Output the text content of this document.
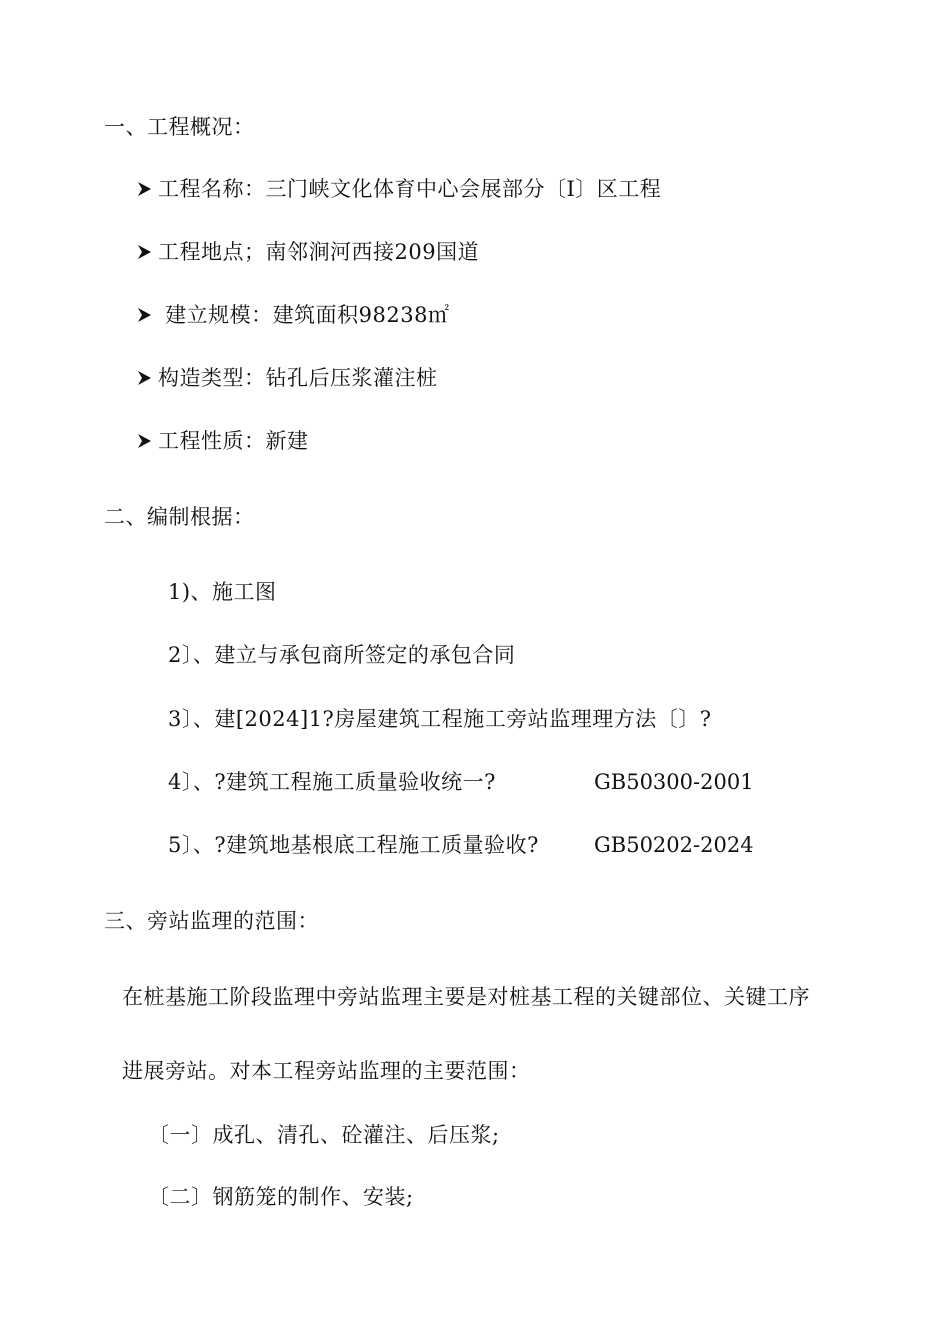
一、工程概况：

工程名称：三门峡文化体育中心会展部分〔Ⅰ〕区工程

工程地点；南邻涧河西接209国道

建立规模：建筑面积98238㎡

构造类型：钻孔后压浆灌注桩

工程性质：新建
二、编制根据：
1)、施工图
2〕、建立与承包商所签定的承包合同
3〕、建[2024]1?房屋建筑工程施工旁站监理理方法〔〕?
4〕、?建筑工程施工质量验收统一?	GB50300-2001
5〕、?建筑地基根底工程施工质量验收?	GB50202-2024
三、旁站监理的范围：
在桩基施工阶段监理中旁站监理主要是对桩基工程的关键部位、关键工序
进展旁站。对本工程旁站监理的主要范围：
〔一〕成孔、清孔、砼灌注、后压浆;
〔二〕钢筋笼的制作、安装;
